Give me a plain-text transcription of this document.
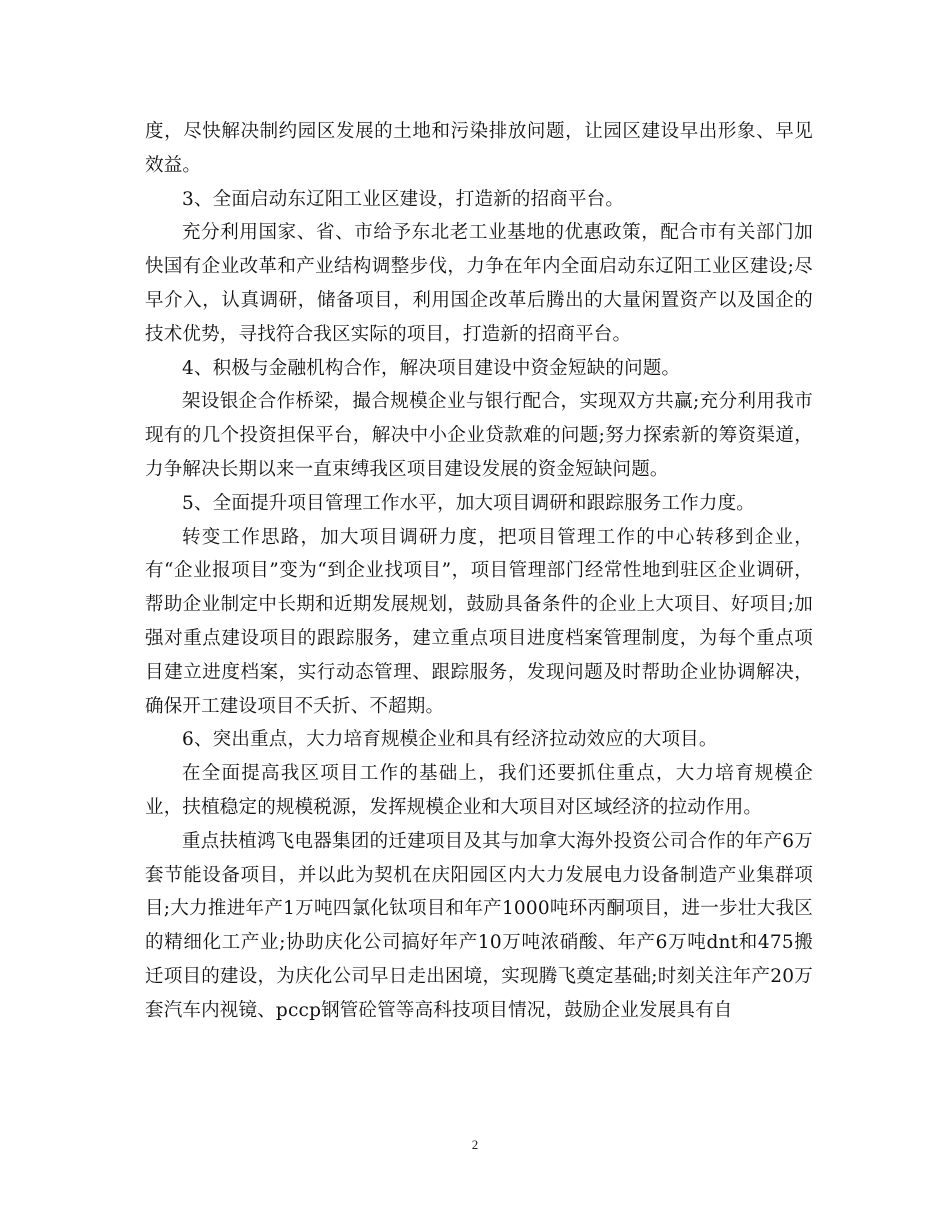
度，尽快解决制约园区发展的土地和污染排放问题，让园区建设早出形象、早见效益。

3、全面启动东辽阳工业区建设，打造新的招商平台。

充分利用国家、省、市给予东北老工业基地的优惠政策，配合市有关部门加快国有企业改革和产业结构调整步伐，力争在年内全面启动东辽阳工业区建设;尽早介入，认真调研，储备项目，利用国企改革后腾出的大量闲置资产以及国企的技术优势，寻找符合我区实际的项目，打造新的招商平台。

4、积极与金融机构合作，解决项目建设中资金短缺的问题。

架设银企合作桥梁，撮合规模企业与银行配合，实现双方共赢;充分利用我市现有的几个投资担保平台，解决中小企业贷款难的问题;努力探索新的筹资渠道，力争解决长期以来一直束缚我区项目建设发展的资金短缺问题。

5、全面提升项目管理工作水平，加大项目调研和跟踪服务工作力度。

转变工作思路，加大项目调研力度，把项目管理工作的中心转移到企业，有“企业报项目”变为“到企业找项目”，项目管理部门经常性地到驻区企业调研，帮助企业制定中长期和近期发展规划，鼓励具备条件的企业上大项目、好项目;加强对重点建设项目的跟踪服务，建立重点项目进度档案管理制度，为每个重点项目建立进度档案，实行动态管理、跟踪服务，发现问题及时帮助企业协调解决，确保开工建设项目不夭折、不超期。

6、突出重点，大力培育规模企业和具有经济拉动效应的大项目。

在全面提高我区项目工作的基础上，我们还要抓住重点，大力培育规模企业，扶植稳定的规模税源，发挥规模企业和大项目对区域经济的拉动作用。

重点扶植鸿飞电器集团的迁建项目及其与加拿大海外投资公司合作的年产6万套节能设备项目，并以此为契机在庆阳园区内大力发展电力设备制造产业集群项目;大力推进年产1万吨四氯化钛项目和年产1000吨环丙酮项目，进一步壮大我区的精细化工产业;协助庆化公司搞好年产10万吨浓硝酸、年产6万吨dnt和475搬迁项目的建设，为庆化公司早日走出困境，实现腾飞奠定基础;时刻关注年产20万套汽车内视镜、pccp钢管砼管等高科技项目情况，鼓励企业发展具有自

2
